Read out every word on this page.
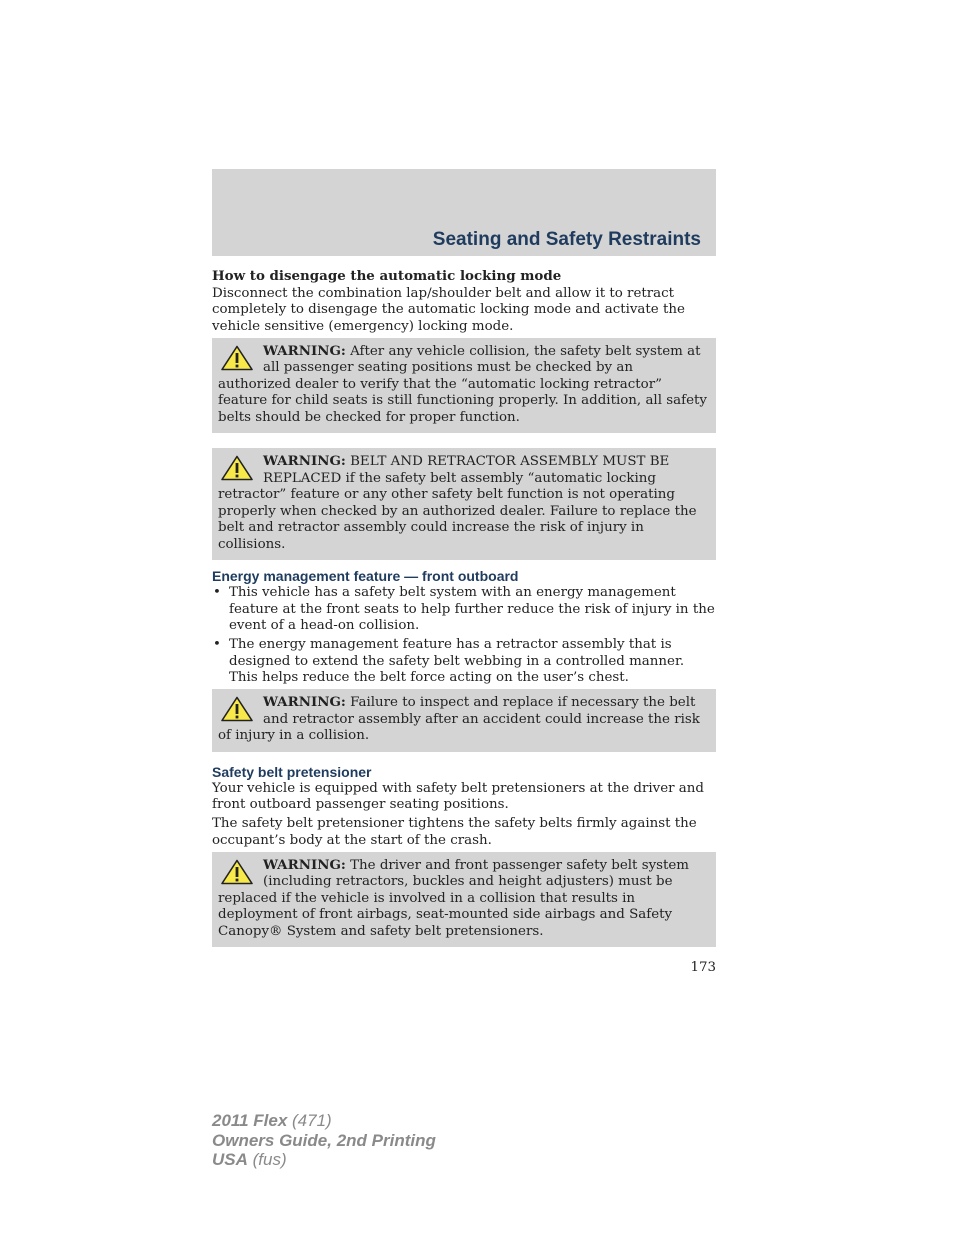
Seating and Safety Restraints
How to disengage the automatic locking mode

Disconnect the combination lap/shoulder belt and allow it to retract completely to disengage the automatic locking mode and activate the vehicle sensitive (emergency) locking mode.

WARNING: After any vehicle collision, the safety belt system at all passenger seating positions must be checked by an authorized dealer to verify that the “automatic locking retractor” feature for child seats is still functioning properly. In addition, all safety belts should be checked for proper function.
WARNING: BELT AND RETRACTOR ASSEMBLY MUST BE REPLACED if the safety belt assembly “automatic locking retractor” feature or any other safety belt function is not operating properly when checked by an authorized dealer. Failure to replace the belt and retractor assembly could increase the risk of injury in collisions.
Energy management feature — front outboard
• This vehicle has a safety belt system with an energy management feature at the front seats to help further reduce the risk of injury in the event of a head-on collision.
• The energy management feature has a retractor assembly that is designed to extend the safety belt webbing in a controlled manner. This helps reduce the belt force acting on the user’s chest.
WARNING: Failure to inspect and replace if necessary the belt and retractor assembly after an accident could increase the risk of injury in a collision.
Safety belt pretensioner

Your vehicle is equipped with safety belt pretensioners at the driver and front outboard passenger seating positions.

The safety belt pretensioner tightens the safety belts firmly against the occupant’s body at the start of the crash.

WARNING: The driver and front passenger safety belt system (including retractors, buckles and height adjusters) must be replaced if the vehicle is involved in a collision that results in deployment of front airbags, seat-mounted side airbags and Safety Canopy® System and safety belt pretensioners.
173
2011 Flex (471)
Owners Guide, 2nd Printing
USA (fus)
